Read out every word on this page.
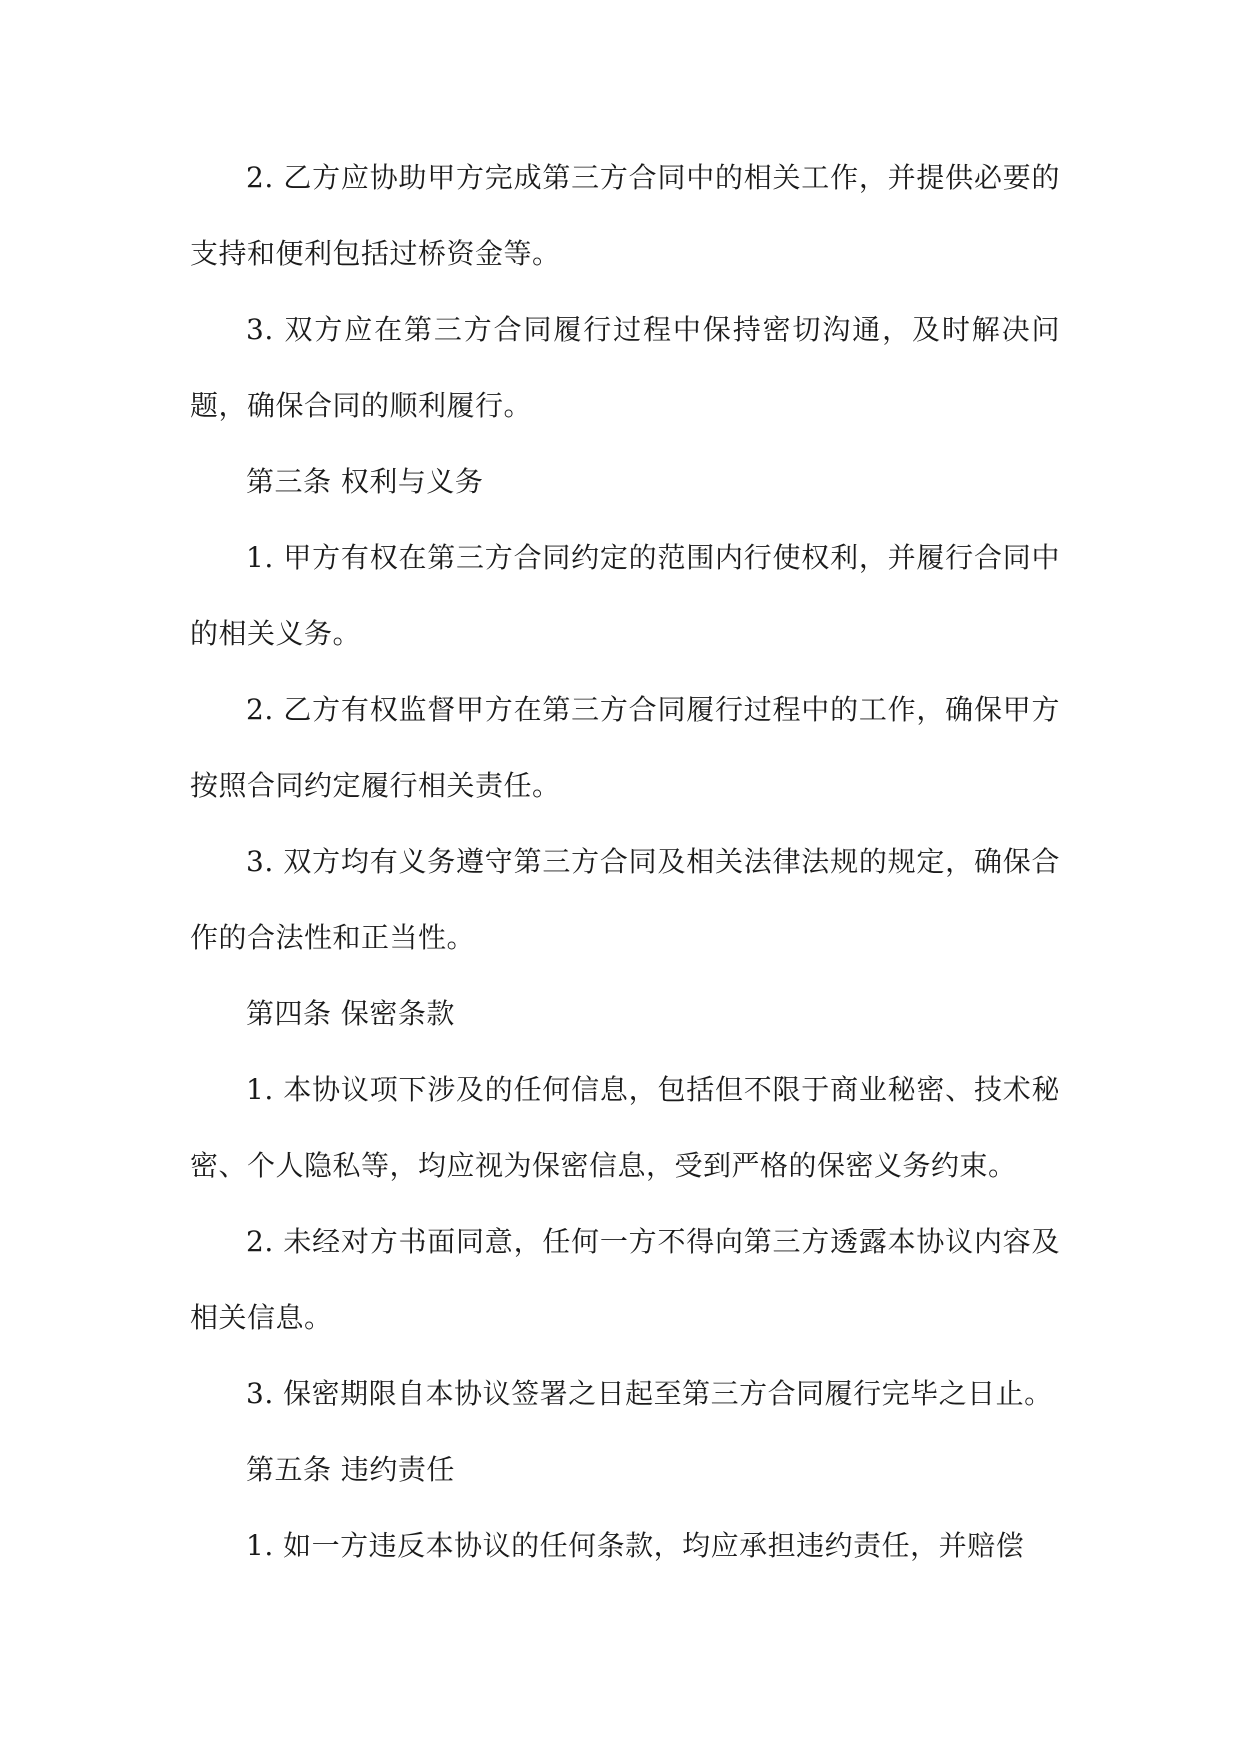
2. 乙方应协助甲方完成第三方合同中的相关工作，并提供必要的支持和便利包括过桥资金等。

3. 双方应在第三方合同履行过程中保持密切沟通，及时解决问题，确保合同的顺利履行。

第三条 权利与义务

1. 甲方有权在第三方合同约定的范围内行使权利，并履行合同中的相关义务。

2. 乙方有权监督甲方在第三方合同履行过程中的工作，确保甲方按照合同约定履行相关责任。

3. 双方均有义务遵守第三方合同及相关法律法规的规定，确保合作的合法性和正当性。

第四条 保密条款

1. 本协议项下涉及的任何信息，包括但不限于商业秘密、技术秘密、个人隐私等，均应视为保密信息，受到严格的保密义务约束。

2. 未经对方书面同意，任何一方不得向第三方透露本协议内容及相关信息。

3. 保密期限自本协议签署之日起至第三方合同履行完毕之日止。

第五条 违约责任

1. 如一方违反本协议的任何条款，均应承担违约责任，并赔偿
